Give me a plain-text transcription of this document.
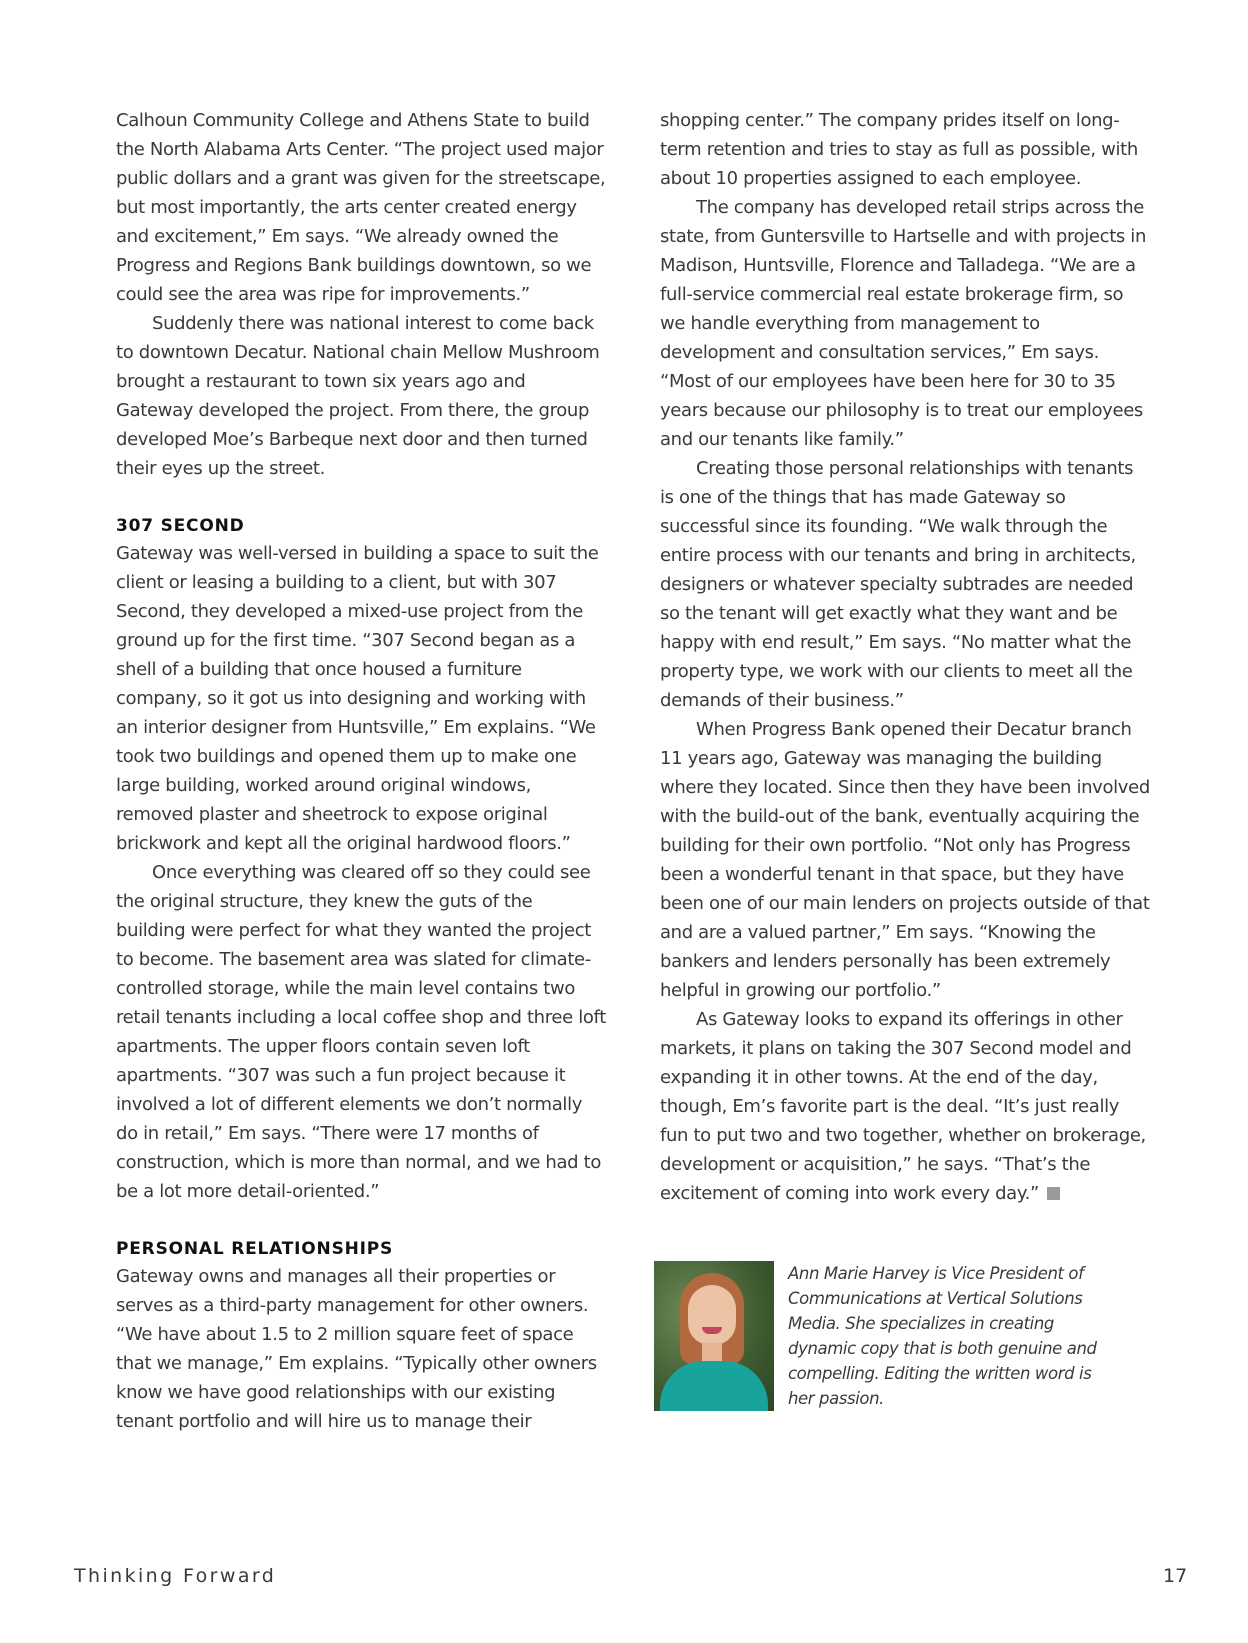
Calhoun Community College and Athens State to build the North Alabama Arts Center. “The project used major public dollars and a grant was given for the streetscape, but most importantly, the arts center created energy and excitement,” Em says. “We already owned the Progress and Regions Bank buildings downtown, so we could see the area was ripe for improvements.”

Suddenly there was national interest to come back to downtown Decatur. National chain Mellow Mushroom brought a restaurant to town six years ago and Gateway developed the project. From there, the group developed Moe’s Barbeque next door and then turned their eyes up the street.

307 SECOND

Gateway was well-versed in building a space to suit the client or leasing a building to a client, but with 307 Second, they developed a mixed-use project from the ground up for the first time. “307 Second began as a shell of a building that once housed a furniture company, so it got us into designing and working with an interior designer from Huntsville,” Em explains. “We took two buildings and opened them up to make one large building, worked around original windows, removed plaster and sheetrock to expose original brickwork and kept all the original hardwood floors.”

Once everything was cleared off so they could see the original structure, they knew the guts of the building were perfect for what they wanted the project to become. The basement area was slated for climate-controlled storage, while the main level contains two retail tenants including a local coffee shop and three loft apartments. The upper floors contain seven loft apartments. “307 was such a fun project because it involved a lot of different elements we don’t normally do in retail,” Em says. “There were 17 months of construction, which is more than normal, and we had to be a lot more detail-oriented.”

PERSONAL RELATIONSHIPS

Gateway owns and manages all their properties or serves as a third-party management for other owners. “We have about 1.5 to 2 million square feet of space that we manage,” Em explains. “Typically other owners know we have good relationships with our existing tenant portfolio and will hire us to manage their

shopping center.” The company prides itself on long-term retention and tries to stay as full as possible, with about 10 properties assigned to each employee.

The company has developed retail strips across the state, from Guntersville to Hartselle and with projects in Madison, Huntsville, Florence and Talladega. “We are a full-service commercial real estate brokerage firm, so we handle everything from management to development and consultation services,” Em says. “Most of our employees have been here for 30 to 35 years because our philosophy is to treat our employees and our tenants like family.”

Creating those personal relationships with tenants is one of the things that has made Gateway so successful since its founding. “We walk through the entire process with our tenants and bring in architects, designers or whatever specialty subtrades are needed so the tenant will get exactly what they want and be happy with end result,” Em says. “No matter what the property type, we work with our clients to meet all the demands of their business.”

When Progress Bank opened their Decatur branch 11 years ago, Gateway was managing the building where they located. Since then they have been involved with the build-out of the bank, eventually acquiring the building for their own portfolio. “Not only has Progress been a wonderful tenant in that space, but they have been one of our main lenders on projects outside of that and are a valued partner,” Em says. “Knowing the bankers and lenders personally has been extremely helpful in growing our portfolio.”

As Gateway looks to expand its offerings in other markets, it plans on taking the 307 Second model and expanding it in other towns. At the end of the day, though, Em’s favorite part is the deal. “It’s just really fun to put two and two together, whether on brokerage, development or acquisition,” he says. “That’s the excitement of coming into work every day.”

Ann Marie Harvey is Vice President of Communications at Vertical Solutions Media. She specializes in creating dynamic copy that is both genuine and compelling. Editing the written word is her passion.

Thinking Forward	17
